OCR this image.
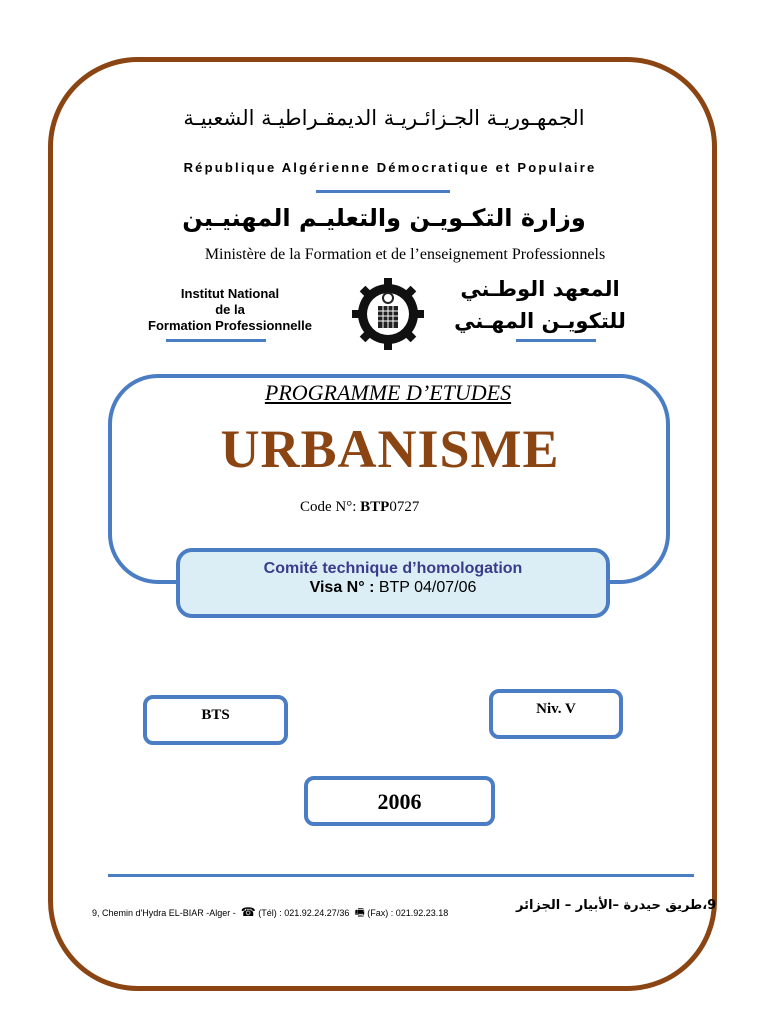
الجمهـوريـة الجـزائـريـة الديمقـراطيـة الشعبيـة
République Algérienne Démocratique et Populaire
وزارة التكـويـن والتعليـم المهنيـين
Ministère de la Formation et de l’enseignement Professionnels
Institut National
de la
Formation Professionnelle
المعهد الوطـني
للتكويـن المهـني
PROGRAMME D’ETUDES
URBANISME
Code N°: BTP0727
Comité technique d’homologation
Visa N° : BTP 04/07/06
BTS	Niv. V
2006
9, Chemin d'Hydra EL-BIAR -Alger - ☎ (Tél) : 021.92.24.27/36 🖷 (Fax) : 021.92.23.18	9،طريق حيدرة –الأبيار – الجزائر
